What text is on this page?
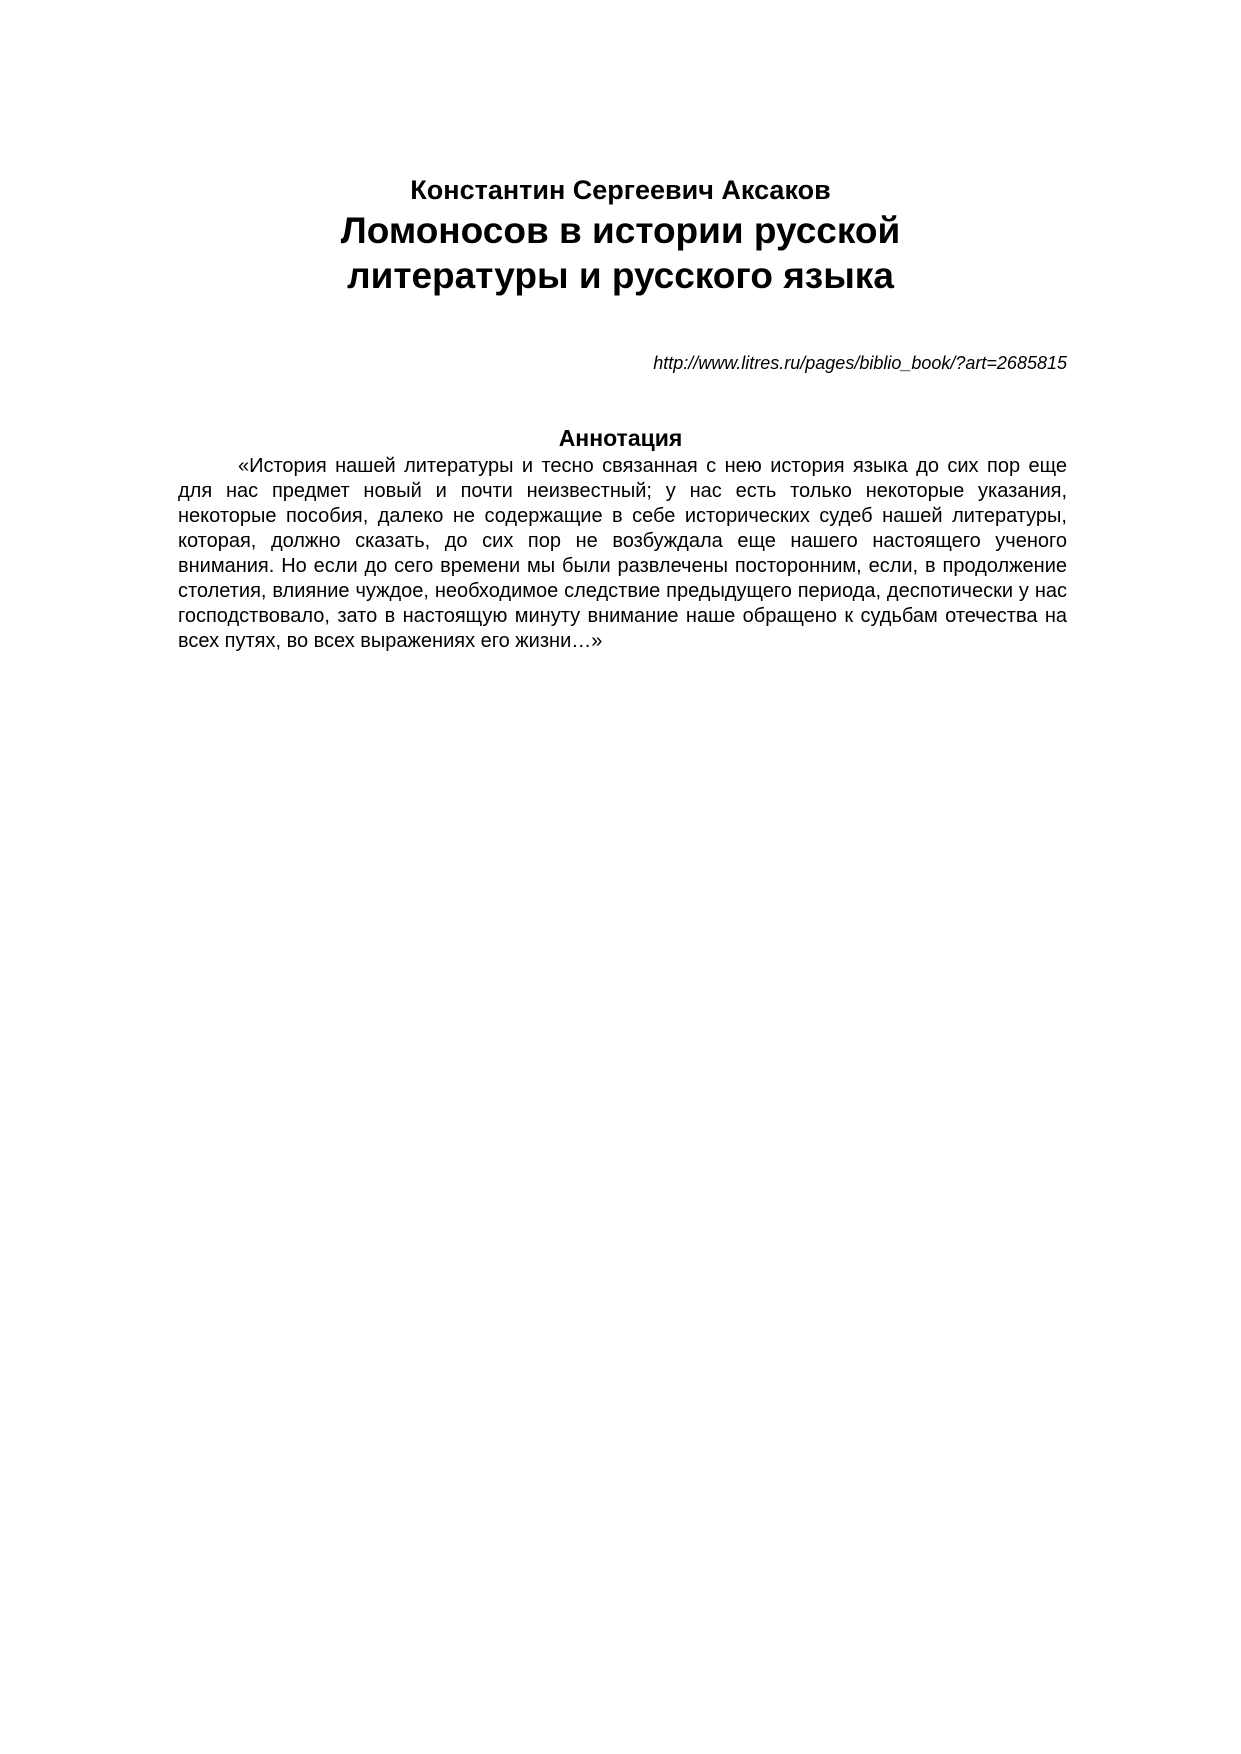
Константин Сергеевич Аксаков
Ломоносов в истории русской
литературы и русского языка

http://www.litres.ru/pages/biblio_book/?art=2685815

Аннотация

«История нашей литературы и тесно связанная с нею история языка до сих пор еще для нас предмет новый и почти неизвестный; у нас есть только некоторые указания, некоторые пособия, далеко не содержащие в себе исторических судеб нашей литературы, которая, должно сказать, до сих пор не возбуждала еще нашего настоящего ученого внимания. Но если до сего времени мы были развлечены посторонним, если, в продолжение столетия, влияние чуждое, необходимое следствие предыдущего периода, деспотически у нас господствовало, зато в настоящую минуту внимание наше обращено к судьбам отечества на всех путях, во всех выражениях его жизни…»
